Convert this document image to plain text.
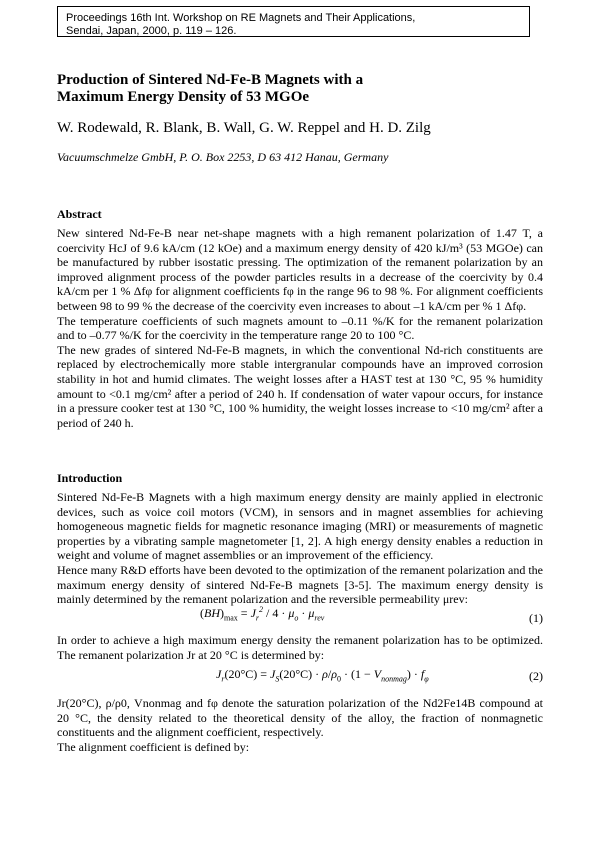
Proceedings 16th Int. Workshop on RE Magnets and Their Applications,
Sendai, Japan, 2000, p. 119 – 126.
Production of Sintered Nd-Fe-B Magnets with a
Maximum Energy Density of 53 MGOe
W. Rodewald, R. Blank, B. Wall, G. W. Reppel and H. D. Zilg
Vacuumschmelze GmbH, P. O. Box 2253, D 63 412 Hanau, Germany
Abstract

New sintered Nd-Fe-B near net-shape magnets with a high remanent polarization of 1.47 T, a coercivity HcJ of 9.6 kA/cm (12 kOe) and a maximum energy density of 420 kJ/m³ (53 MGOe) can be manufactured by rubber isostatic pressing. The optimization of the remanent polarization by an improved alignment process of the powder particles results in a decrease of the coercivity by 0.4 kA/cm per 1 % Δfφ for alignment coefficients fφ in the range 96 to 98 %. For alignment coefficients between 98 to 99 % the decrease of the coercivity even increases to about –1 kA/cm per % 1 Δfφ.

The temperature coefficients of such magnets amount to –0.11 %/K for the remanent polarization and to –0.77 %/K for the coercivity in the temperature range 20 to 100 °C.

The new grades of sintered Nd-Fe-B magnets, in which the conventional Nd-rich constituents are replaced by electrochemically more stable intergranular compounds have an improved corrosion stability in hot and humid climates. The weight losses after a HAST test at 130 °C, 95 % humidity amount to <0.1 mg/cm² after a period of 240 h. If condensation of water vapour occurs, for instance in a pressure cooker test at 130 °C, 100 % humidity, the weight losses increase to <10 mg/cm² after a period of 240 h.

Introduction

Sintered Nd-Fe-B Magnets with a high maximum energy density are mainly applied in electronic devices, such as voice coil motors (VCM), in sensors and in magnet assemblies for achieving homogeneous magnetic fields for magnetic resonance imaging (MRI) or measurements of magnetic properties by a vibrating sample magnetometer [1, 2]. A high energy density enables a reduction in weight and volume of magnet assemblies or an improvement of the efficiency.

Hence many R&D efforts have been devoted to the optimization of the remanent polarization and the maximum energy density of sintered Nd-Fe-B magnets [3-5]. The maximum energy density is mainly determined by the remanent polarization and the reversible permeability μrev:

$(BH)_{max} = J_r^2 / 4 \cdot \mu_o \cdot \mu_{rev}$	(1)

In order to achieve a high maximum energy density the remanent polarization has to be optimized. The remanent polarization Jr at 20 °C is determined by:

$J_r(20^\circ C) = J_S(20^\circ C) \cdot \rho/\rho_0 \cdot (1 - V_{nonmag}) \cdot f_\varphi$	(2)

Jr(20°C), ρ/ρ0, Vnonmag and fφ denote the saturation polarization of the Nd2Fe14B compound at 20 °C, the density related to the theoretical density of the alloy, the fraction of nonmagnetic constituents and the alignment coefficient, respectively.

The alignment coefficient is defined by:
